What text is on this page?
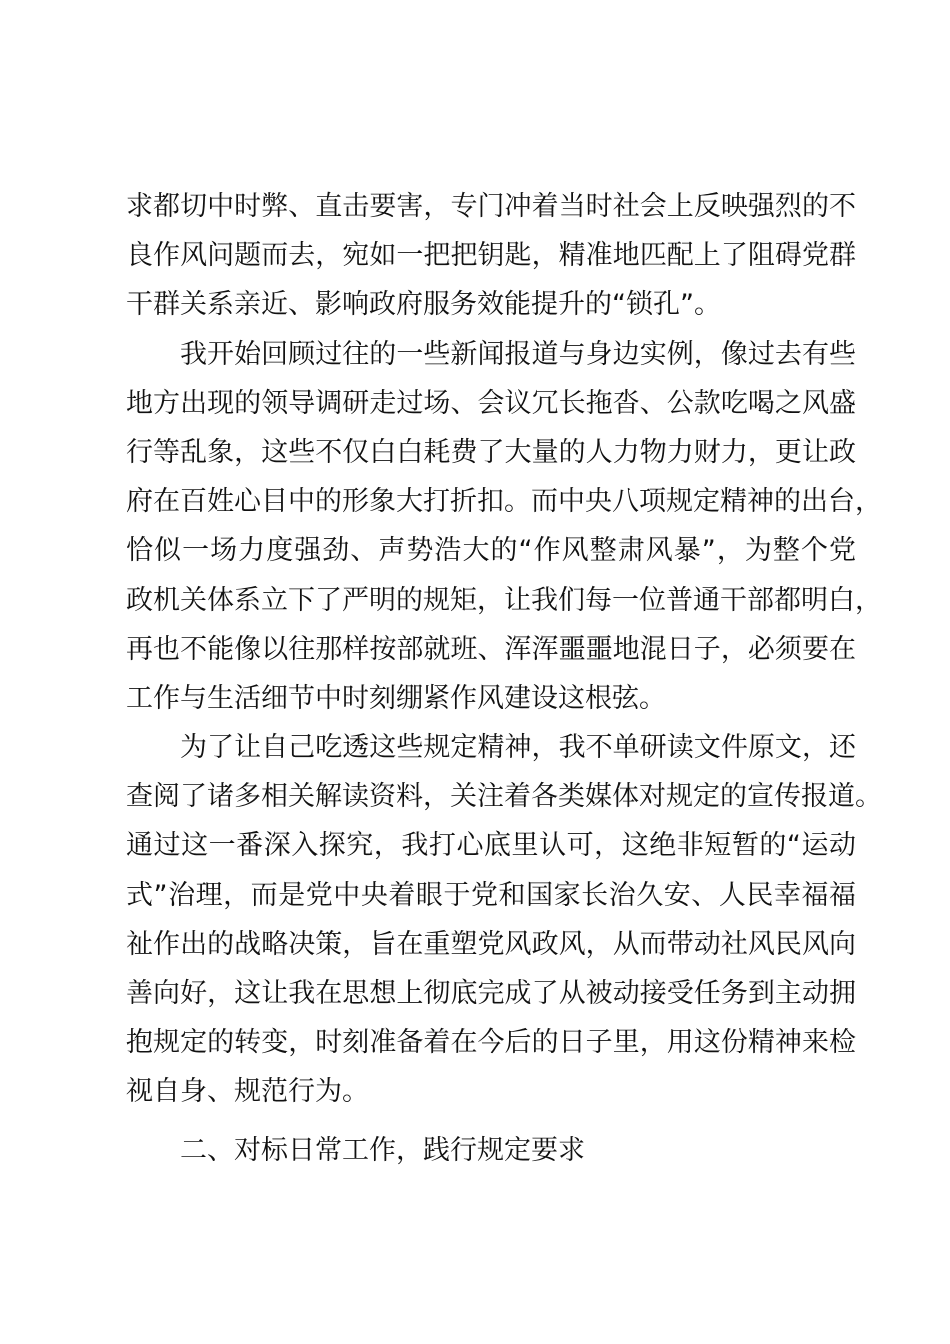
求都切中时弊、直击要害，专门冲着当时社会上反映强烈的不
良作风问题而去，宛如一把把钥匙，精准地匹配上了阻碍党群
干群关系亲近、影响政府服务效能提升的“锁孔”。
我开始回顾过往的一些新闻报道与身边实例，像过去有些
地方出现的领导调研走过场、会议冗长拖沓、公款吃喝之风盛
行等乱象，这些不仅白白耗费了大量的人力物力财力，更让政
府在百姓心目中的形象大打折扣。而中央八项规定精神的出台，
恰似一场力度强劲、声势浩大的“作风整肃风暴”，为整个党
政机关体系立下了严明的规矩，让我们每一位普通干部都明白，
再也不能像以往那样按部就班、浑浑噩噩地混日子，必须要在
工作与生活细节中时刻绷紧作风建设这根弦。
为了让自己吃透这些规定精神，我不单研读文件原文，还
查阅了诸多相关解读资料，关注着各类媒体对规定的宣传报道。
通过这一番深入探究，我打心底里认可，这绝非短暂的“运动
式”治理，而是党中央着眼于党和国家长治久安、人民幸福福
祉作出的战略决策，旨在重塑党风政风，从而带动社风民风向
善向好，这让我在思想上彻底完成了从被动接受任务到主动拥
抱规定的转变，时刻准备着在今后的日子里，用这份精神来检
视自身、规范行为。
二、对标日常工作，践行规定要求
